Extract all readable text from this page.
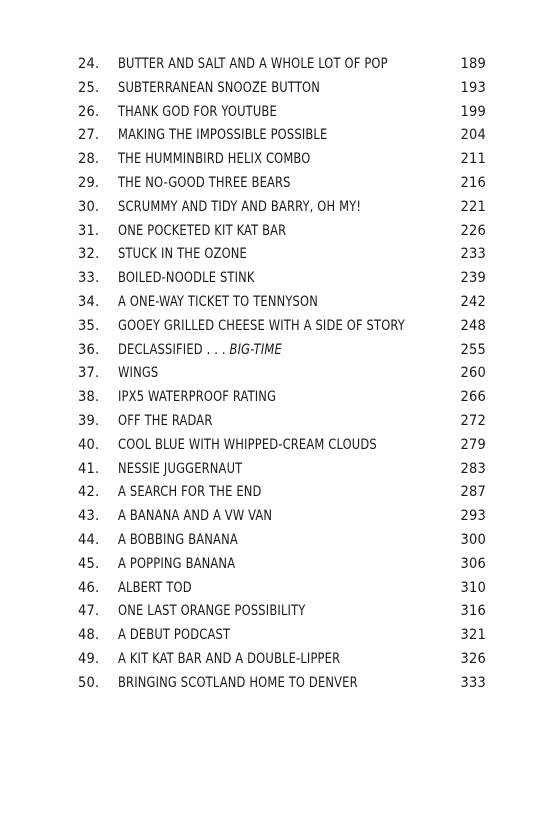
24.	BUTTER AND SALT AND A WHOLE LOT OF POP	189
25.	SUBTERRANEAN SNOOZE BUTTON	193
26.	THANK GOD FOR YOUTUBE	199
27.	MAKING THE IMPOSSIBLE POSSIBLE	204
28.	THE HUMMINBIRD HELIX COMBO	211
29.	THE NO-GOOD THREE BEARS	216
30.	SCRUMMY AND TIDY AND BARRY, OH MY!	221
31.	ONE POCKETED KIT KAT BAR	226
32.	STUCK IN THE OZONE	233
33.	BOILED-NOODLE STINK	239
34.	A ONE-WAY TICKET TO TENNYSON	242
35.	GOOEY GRILLED CHEESE WITH A SIDE OF STORY	248
36.	DECLASSIFIED . . . BIG-TIME	255
37.	WINGS	260
38.	IPX5 WATERPROOF RATING	266
39.	OFF THE RADAR	272
40.	COOL BLUE WITH WHIPPED-CREAM CLOUDS	279
41.	NESSIE JUGGERNAUT	283
42.	A SEARCH FOR THE END	287
43.	A BANANA AND A VW VAN	293
44.	A BOBBING BANANA	300
45.	A POPPING BANANA	306
46.	ALBERT TOD	310
47.	ONE LAST ORANGE POSSIBILITY	316
48.	A DEBUT PODCAST	321
49.	A KIT KAT BAR AND A DOUBLE-LIPPER	326
50.	BRINGING SCOTLAND HOME TO DENVER	333
